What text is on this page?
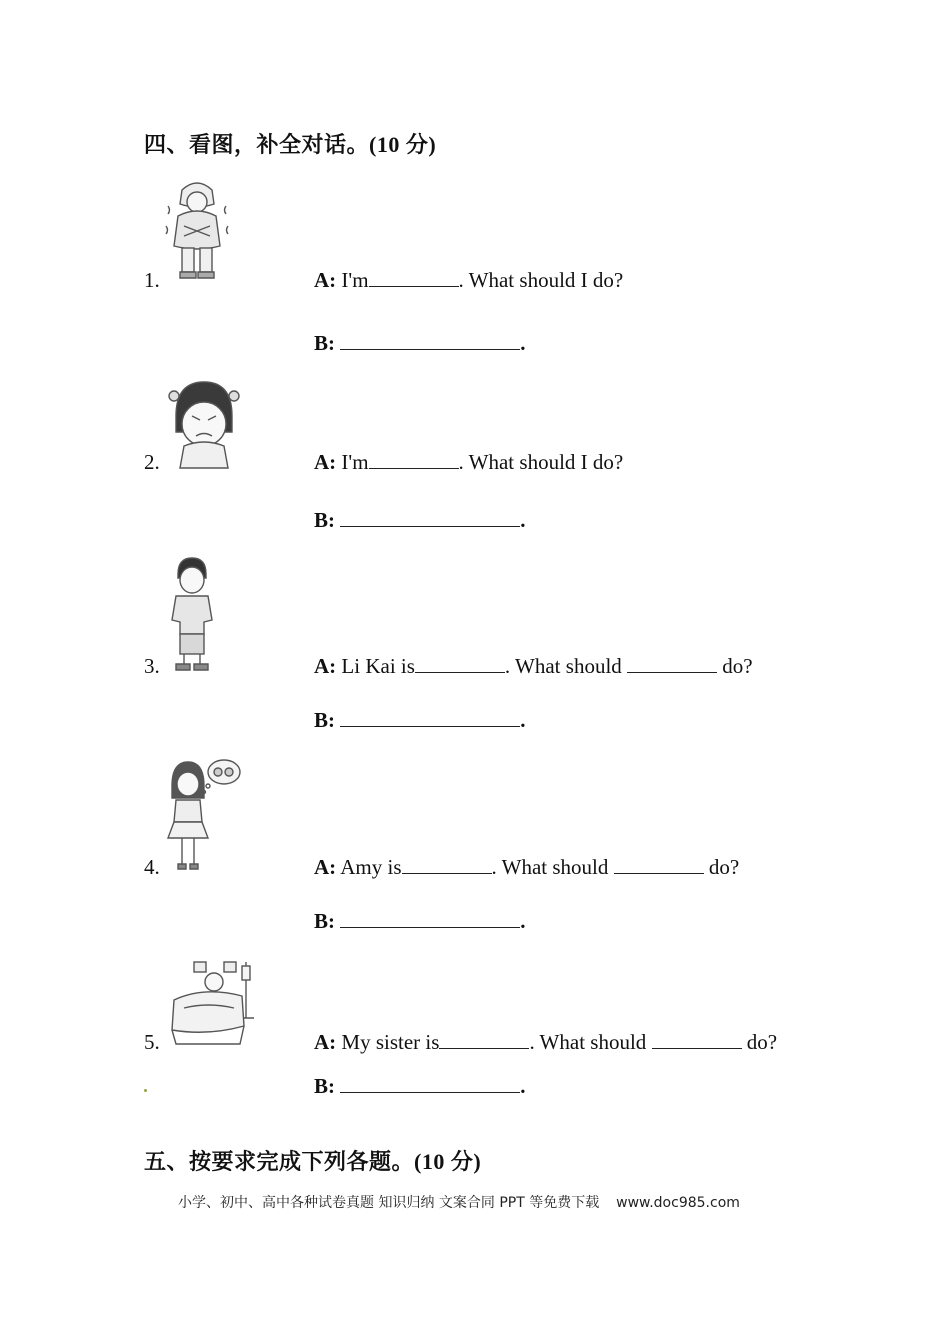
四、看图，补全对话。(10 分)
1.	A: I'm	. What should I do?
B:	.
2.	A: I'm	. What should I do?
B:	.
3.	A: Li Kai is	. What should	do?
B:	.
4.	A: Amy is	. What should	do?
B:	.
5.	A: My sister is	. What should	do?
B:	.
五、按要求完成下列各题。(10 分)
小学、初中、高中各种试卷真题 知识归纳 文案合同 PPT 等免费下载 www.doc985.com
